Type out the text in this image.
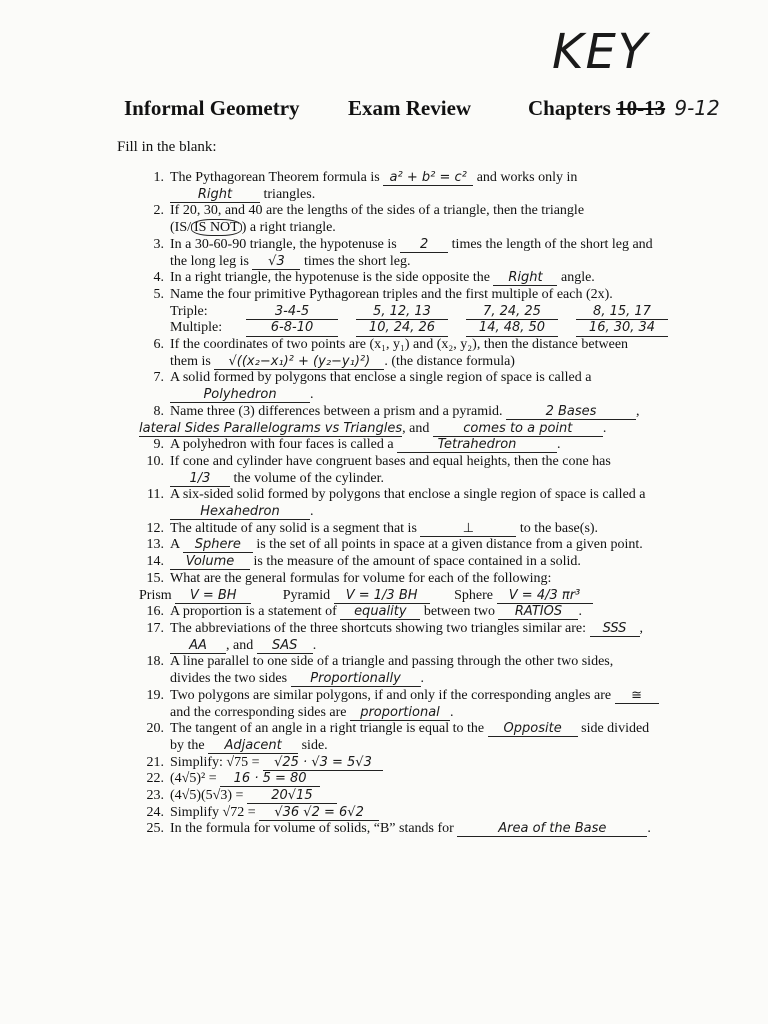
KEY
Informal Geometry Exam Review	Chapters 10-13 9-12
Fill in the blank:
1. The Pythagorean Theorem formula is a² + b² = c² and works only in
Right triangles.
2. If 20, 30, and 40 are the lengths of the sides of a triangle, then the triangle
(IS/ IS NOT ) a right triangle.
3. In a 30-60-90 triangle, the hypotenuse is 2 times the length of the short leg and
the long leg is √3 times the short leg.
4. In a right triangle, the hypotenuse is the side opposite the Right angle.
5. Name the four primitive Pythagorean triples and the first multiple of each (2x).
Triple:	3-4-5	5, 12, 13	7, 24, 25	8, 15, 17
Multiple:	6-8-10	10, 24, 26	14, 48, 50	16, 30, 34
6. If the coordinates of two points are (x₁, y₁) and (x₂, y₂), then the distance between
them is √((x₂−x₁)² + (y₂−y₁)²) . (the distance formula)
7. A solid formed by polygons that enclose a single region of space is called a
Polyhedron .
8. Name three (3) differences between a prism and a pyramid.	2 Bases	,
lateral Sides Parallelograms vs Triangles, and	comes to a point .
9. A polyhedron with four faces is called a	Tetrahedron	.
10. If cone and cylinder have congruent bases and equal heights, then the cone has
1/3 the volume of the cylinder.
11. A six-sided solid formed by polygons that enclose a single region of space is called a
Hexahedron .
12. The altitude of any solid is a segment that is	⊥	to the base(s).
13. A Sphere is the set of all points in space at a given distance from a given point.
14.	Volume is the measure of the amount of space contained in a solid.
15. What are the general formulas for volume for each of the following:
Prism V = BH	Pyramid V = 1/3 BH	Sphere V = 4/3 πr³
16. A proportion is a statement of equality between two RATIOS .
17. The abbreviations of the three shortcuts showing two triangles similar are: SSS ,
AA , and SAS .
18. A line parallel to one side of a triangle and passing through the other two sides,
divides the two sides Proportionally .
19. Two polygons are similar polygons, if and only if the corresponding angles are ≅
and the corresponding sides are proportional .
20. The tangent of an angle in a right triangle is equal to the Opposite side divided
by the Adjacent side.
21. Simplify: √75 = √25 · √3 = 5√3
22. (4√5)² = 16 · 5 = 80
23. (4√5)(5√3) = 20√15
24. Simplify √72 = √36 √2 = 6√2
25. In the formula for volume of solids, “B” stands for	Area of the Base	.
